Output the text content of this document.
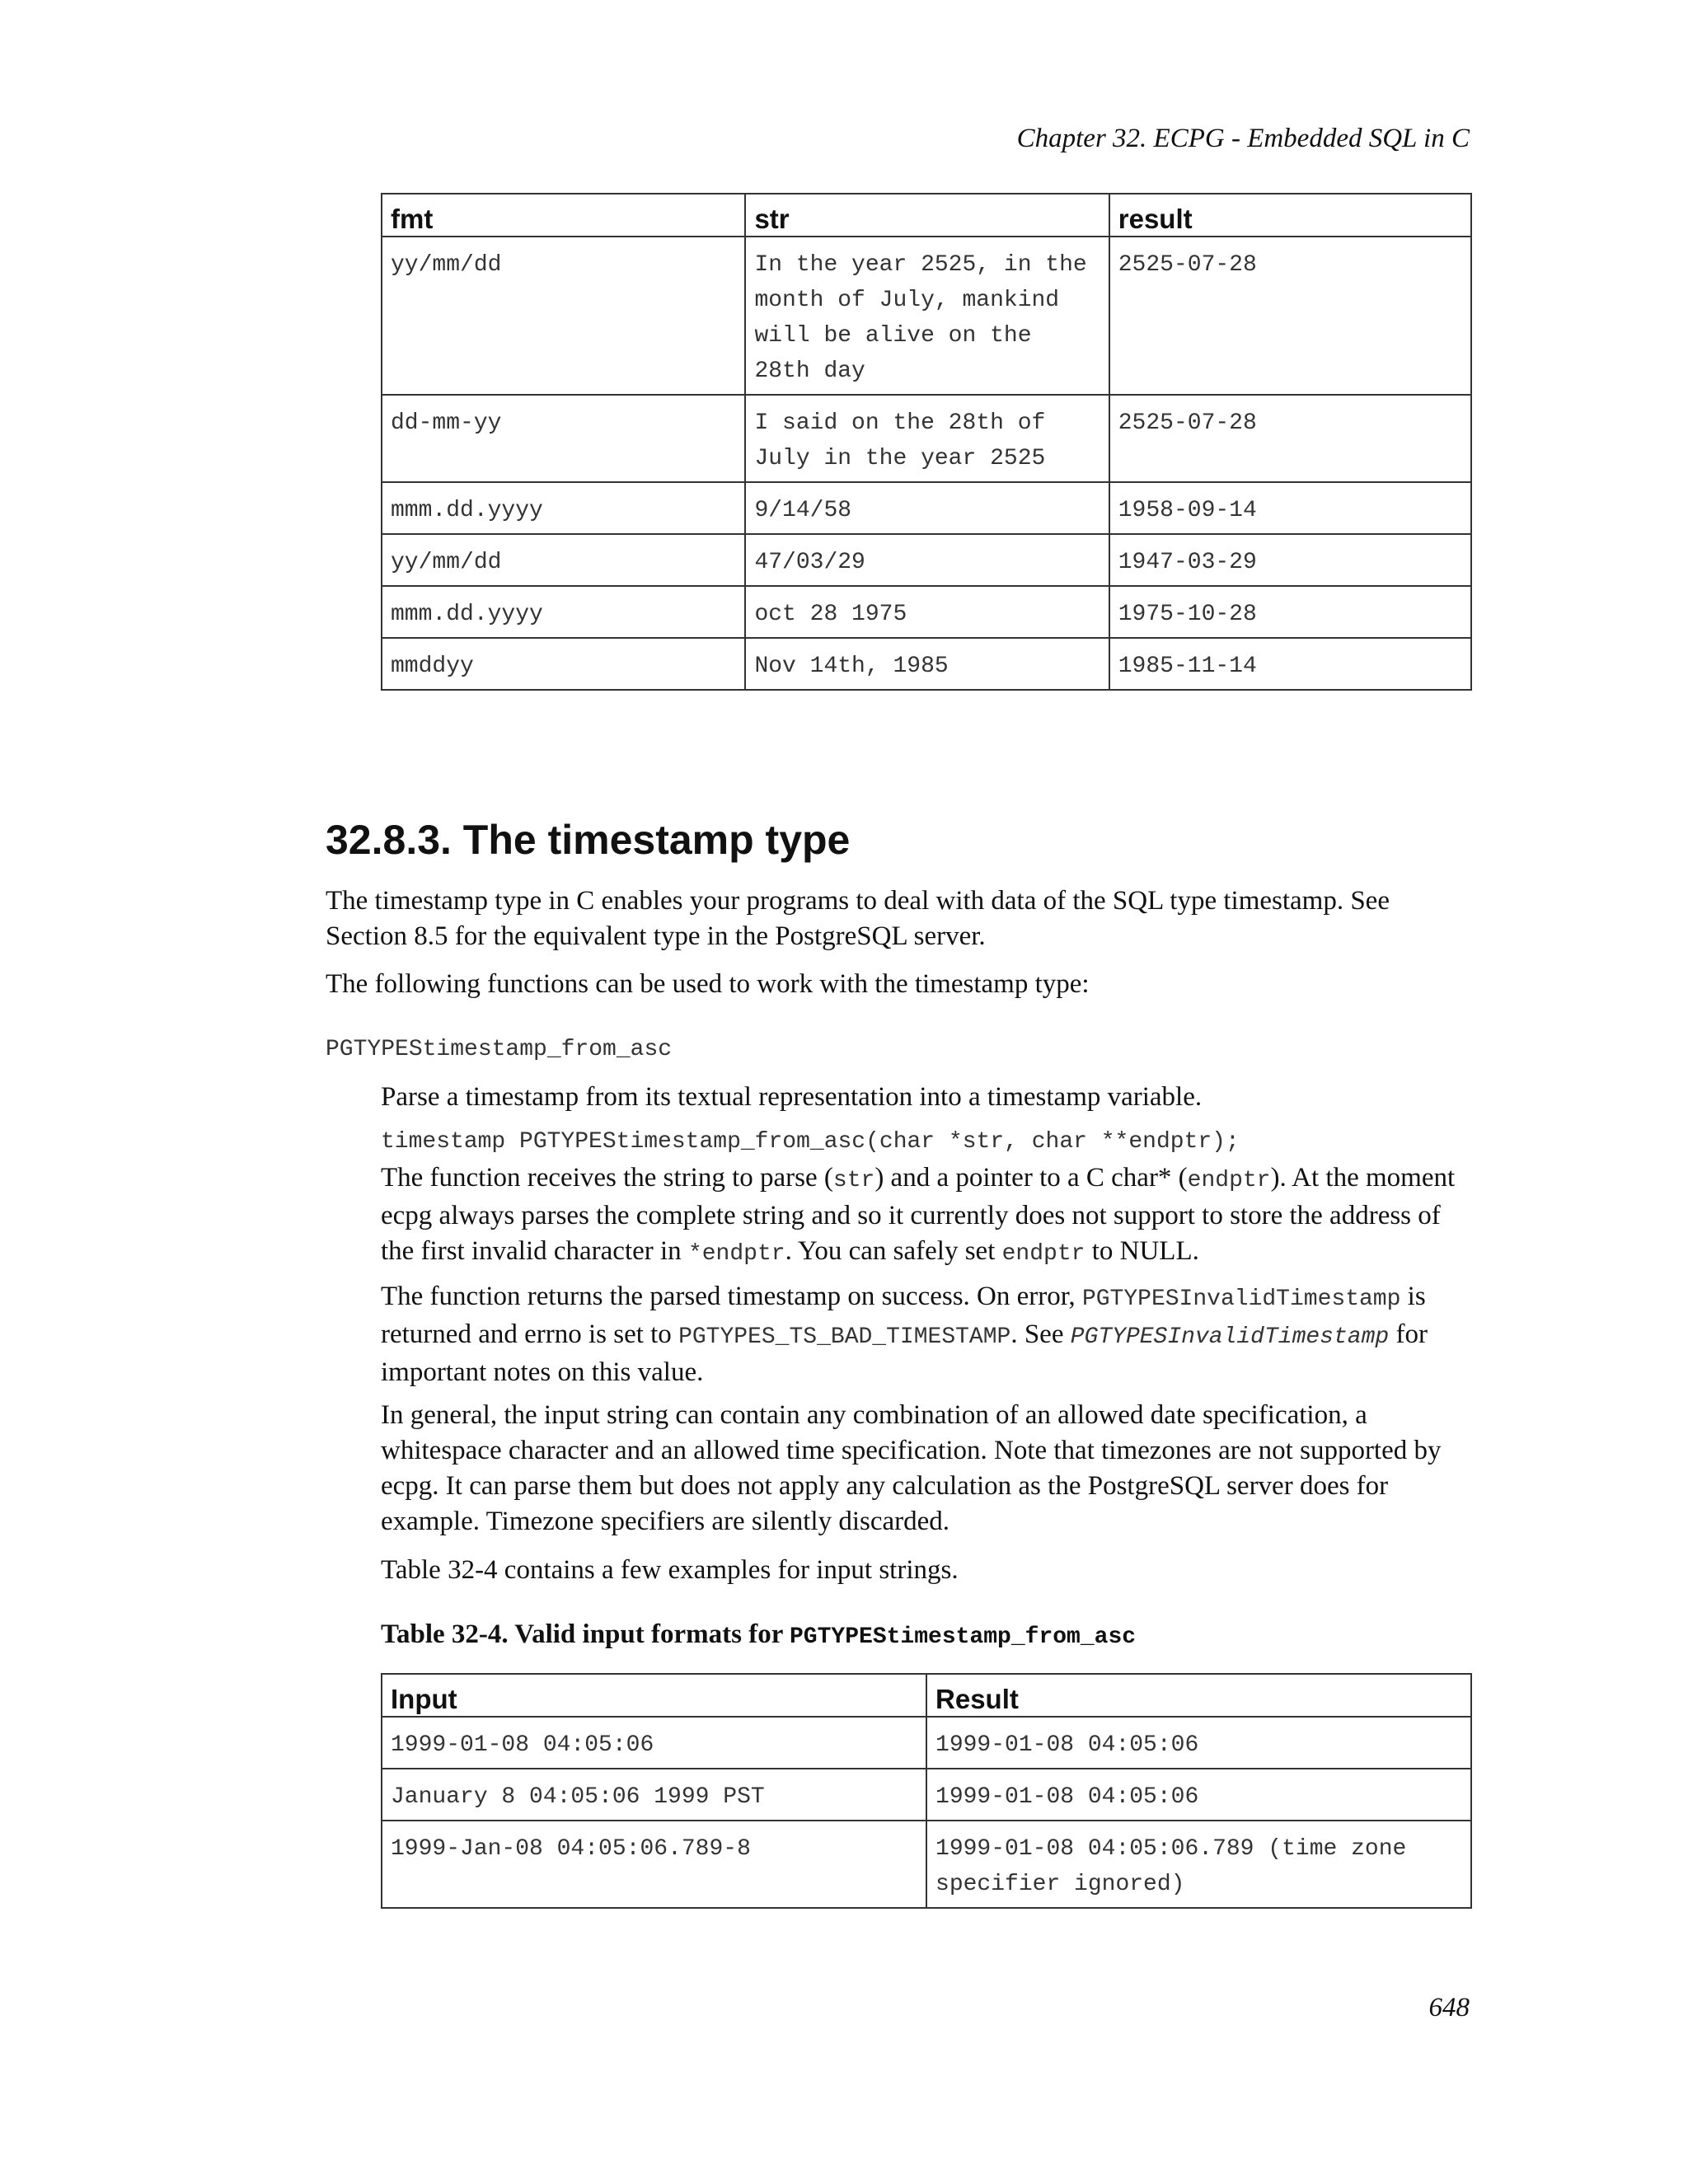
Chapter 32. ECPG - Embedded SQL in C
fmt	str	result
yy/mm/dd	In the year 2525, in the month of July, mankind will be alive on the 28th day	2525-07-28
dd-mm-yy	I said on the 28th of July in the year 2525	2525-07-28
mmm.dd.yyyy	9/14/58	1958-09-14
yy/mm/dd	47/03/29	1947-03-29
mmm.dd.yyyy	oct 28 1975	1975-10-28
mmddyy	Nov 14th, 1985	1985-11-14
32.8.3. The timestamp type

The timestamp type in C enables your programs to deal with data of the SQL type timestamp. See Section 8.5 for the equivalent type in the PostgreSQL server.

The following functions can be used to work with the timestamp type:

PGTYPEStimestamp_from_asc

Parse a timestamp from its textual representation into a timestamp variable.

timestamp PGTYPEStimestamp_from_asc(char *str, char **endptr);

The function receives the string to parse (str) and a pointer to a C char* (endptr). At the moment ecpg always parses the complete string and so it currently does not support to store the address of the first invalid character in *endptr. You can safely set endptr to NULL.

The function returns the parsed timestamp on success. On error, PGTYPESInvalidTimestamp is returned and errno is set to PGTYPES_TS_BAD_TIMESTAMP. See PGTYPESInvalidTimestamp for important notes on this value.

In general, the input string can contain any combination of an allowed date specification, a whitespace character and an allowed time specification. Note that timezones are not supported by ecpg. It can parse them but does not apply any calculation as the PostgreSQL server does for example. Timezone specifiers are silently discarded.

Table 32-4 contains a few examples for input strings.

Table 32-4. Valid input formats for PGTYPEStimestamp_from_asc

Input	Result
1999-01-08 04:05:06	1999-01-08 04:05:06
January 8 04:05:06 1999 PST	1999-01-08 04:05:06
1999-Jan-08 04:05:06.789-8	1999-01-08 04:05:06.789 (time zone specifier ignored)
648
